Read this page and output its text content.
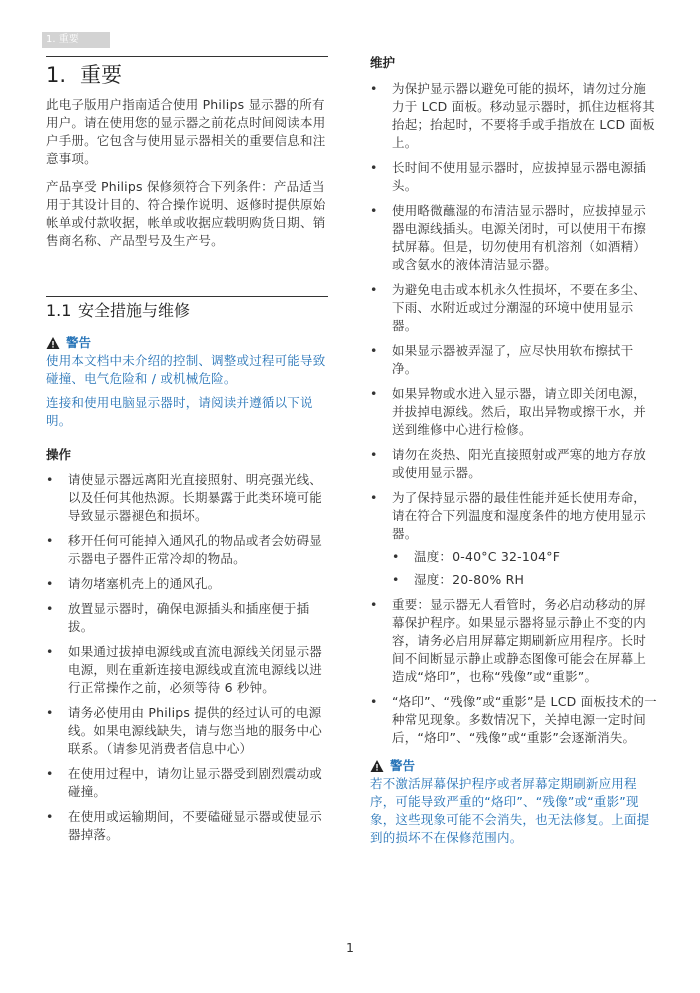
1. 重要
1. 重要

此电子版用户指南适合使用 Philips 显示器的所有用户。请在使用您的显示器之前花点时间阅读本用户手册。它包含与使用显示器相关的重要信息和注意事项。

产品享受 Philips 保修须符合下列条件：产品适当用于其设计目的、符合操作说明、返修时提供原始帐单或付款收据，帐单或收据应载明购货日期、销售商名称、产品型号及生产号。

1.1 安全措施与维修

警告

使用本文档中未介绍的控制、调整或过程可能导致碰撞、电气危险和 / 或机械危险。

连接和使用电脑显示器时，请阅读并遵循以下说明。

操作

• 请使显示器远离阳光直接照射、明亮强光线、以及任何其他热源。长期暴露于此类环境可能导致显示器褪色和损坏。
• 移开任何可能掉入通风孔的物品或者会妨碍显示器电子器件正常冷却的物品。
• 请勿堵塞机壳上的通风孔。
• 放置显示器时，确保电源插头和插座便于插拔。
• 如果通过拔掉电源线或直流电源线关闭显示器电源，则在重新连接电源线或直流电源线以进行正常操作之前，必须等待 6 秒钟。
• 请务必使用由 Philips 提供的经过认可的电源线。如果电源线缺失，请与您当地的服务中心联系。（请参见消费者信息中心）
• 在使用过程中，请勿让显示器受到剧烈震动或碰撞。
• 在使用或运输期间，不要磕碰显示器或使显示器掉落。

维护

• 为保护显示器以避免可能的损坏，请勿过分施力于 LCD 面板。移动显示器时，抓住边框将其抬起；抬起时，不要将手或手指放在 LCD 面板上。
• 长时间不使用显示器时，应拔掉显示器电源插头。
• 使用略微蘸湿的布清洁显示器时，应拔掉显示器电源线插头。电源关闭时，可以使用干布擦拭屏幕。但是，切勿使用有机溶剂（如酒精）或含氨水的液体清洁显示器。
• 为避免电击或本机永久性损坏，不要在多尘、下雨、水附近或过分潮湿的环境中使用显示器。
• 如果显示器被弄湿了，应尽快用软布擦拭干净。
• 如果异物或水进入显示器，请立即关闭电源，并拔掉电源线。然后，取出异物或擦干水，并送到维修中心进行检修。
• 请勿在炎热、阳光直接照射或严寒的地方存放或使用显示器。
• 为了保持显示器的最佳性能并延长使用寿命，请在符合下列温度和湿度条件的地方使用显示器。
• 温度：0-40°C 32-104°F
• 湿度：20-80% RH
• 重要：显示器无人看管时，务必启动移动的屏幕保护程序。如果显示器将显示静止不变的内容，请务必启用屏幕定期刷新应用程序。长时间不间断显示静止或静态图像可能会在屏幕上造成“烙印”，也称“残像”或“重影”。
• “烙印”、“残像”或“重影”是 LCD 面板技术的一种常见现象。多数情况下，关掉电源一定时间后，“烙印”、“残像”或“重影”会逐渐消失。

警告

若不激活屏幕保护程序或者屏幕定期刷新应用程序，可能导致严重的“烙印”、“残像”或“重影”现象，这些现象可能不会消失，也无法修复。上面提到的损坏不在保修范围内。

1
